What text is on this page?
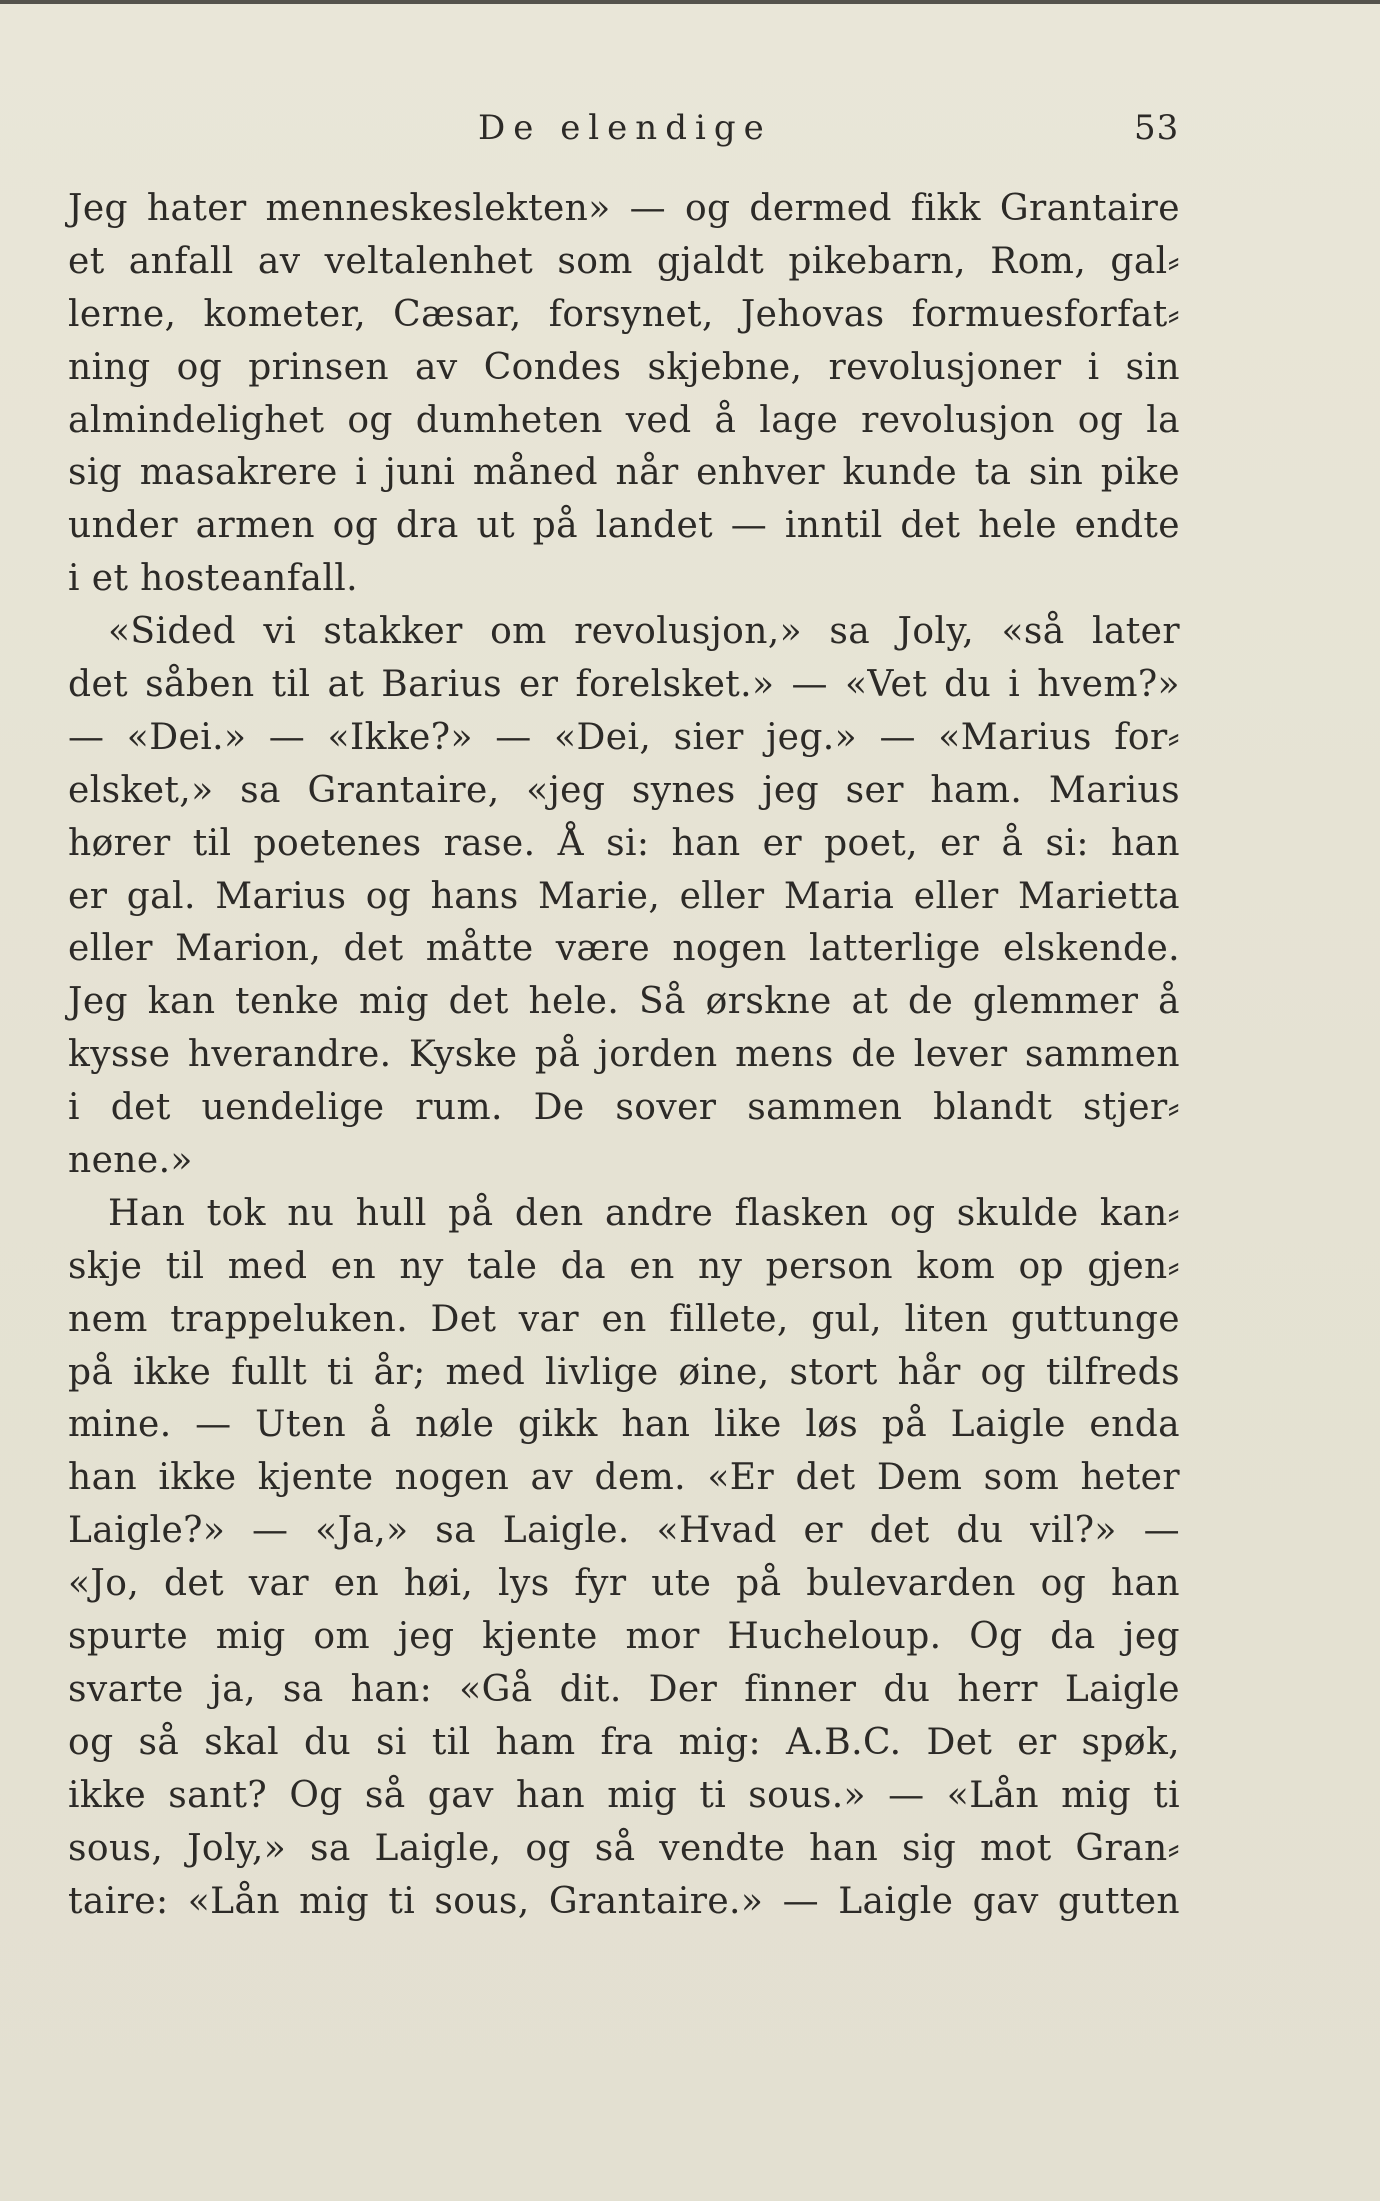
De elendige	53
Jeg hater menneskeslekten» — og dermed fikk Grantaire
et anfall av veltalenhet som gjaldt pikebarn, Rom, gal⸗
lerne, kometer, Cæsar, forsynet, Jehovas formuesforfat⸗
ning og prinsen av Condes skjebne, revolusjoner i sin
almindelighet og dumheten ved å lage revolusjon og la
sig masakrere i juni måned når enhver kunde ta sin pike
under armen og dra ut på landet — inntil det hele endte
i et hosteanfall.
«Sided vi stakker om revolusjon,» sa Joly, «så later
det såben til at Barius er forelsket.» — «Vet du i hvem?»
— «Dei.» — «Ikke?» — «Dei, sier jeg.» — «Marius for⸗
elsket,» sa Grantaire, «jeg synes jeg ser ham. Marius
hører til poetenes rase. Å si: han er poet, er å si: han
er gal. Marius og hans Marie, eller Maria eller Marietta
eller Marion, det måtte være nogen latterlige elskende.
Jeg kan tenke mig det hele. Så ørskne at de glemmer å
kysse hverandre. Kyske på jorden mens de lever sammen
i det uendelige rum. De sover sammen blandt stjer⸗
nene.»
Han tok nu hull på den andre flasken og skulde kan⸗
skje til med en ny tale da en ny person kom op gjen⸗
nem trappeluken. Det var en fillete, gul, liten guttunge
på ikke fullt ti år; med livlige øine, stort hår og tilfreds
mine. — Uten å nøle gikk han like løs på Laigle enda
han ikke kjente nogen av dem. «Er det Dem som heter
Laigle?» — «Ja,» sa Laigle. «Hvad er det du vil?» —
«Jo, det var en høi, lys fyr ute på bulevarden og han
spurte mig om jeg kjente mor Hucheloup. Og da jeg
svarte ja, sa han: «Gå dit. Der finner du herr Laigle
og så skal du si til ham fra mig: A.B.C. Det er spøk,
ikke sant? Og så gav han mig ti sous.» — «Lån mig ti
sous, Joly,» sa Laigle, og så vendte han sig mot Gran⸗
taire: «Lån mig ti sous, Grantaire.» — Laigle gav gutten
